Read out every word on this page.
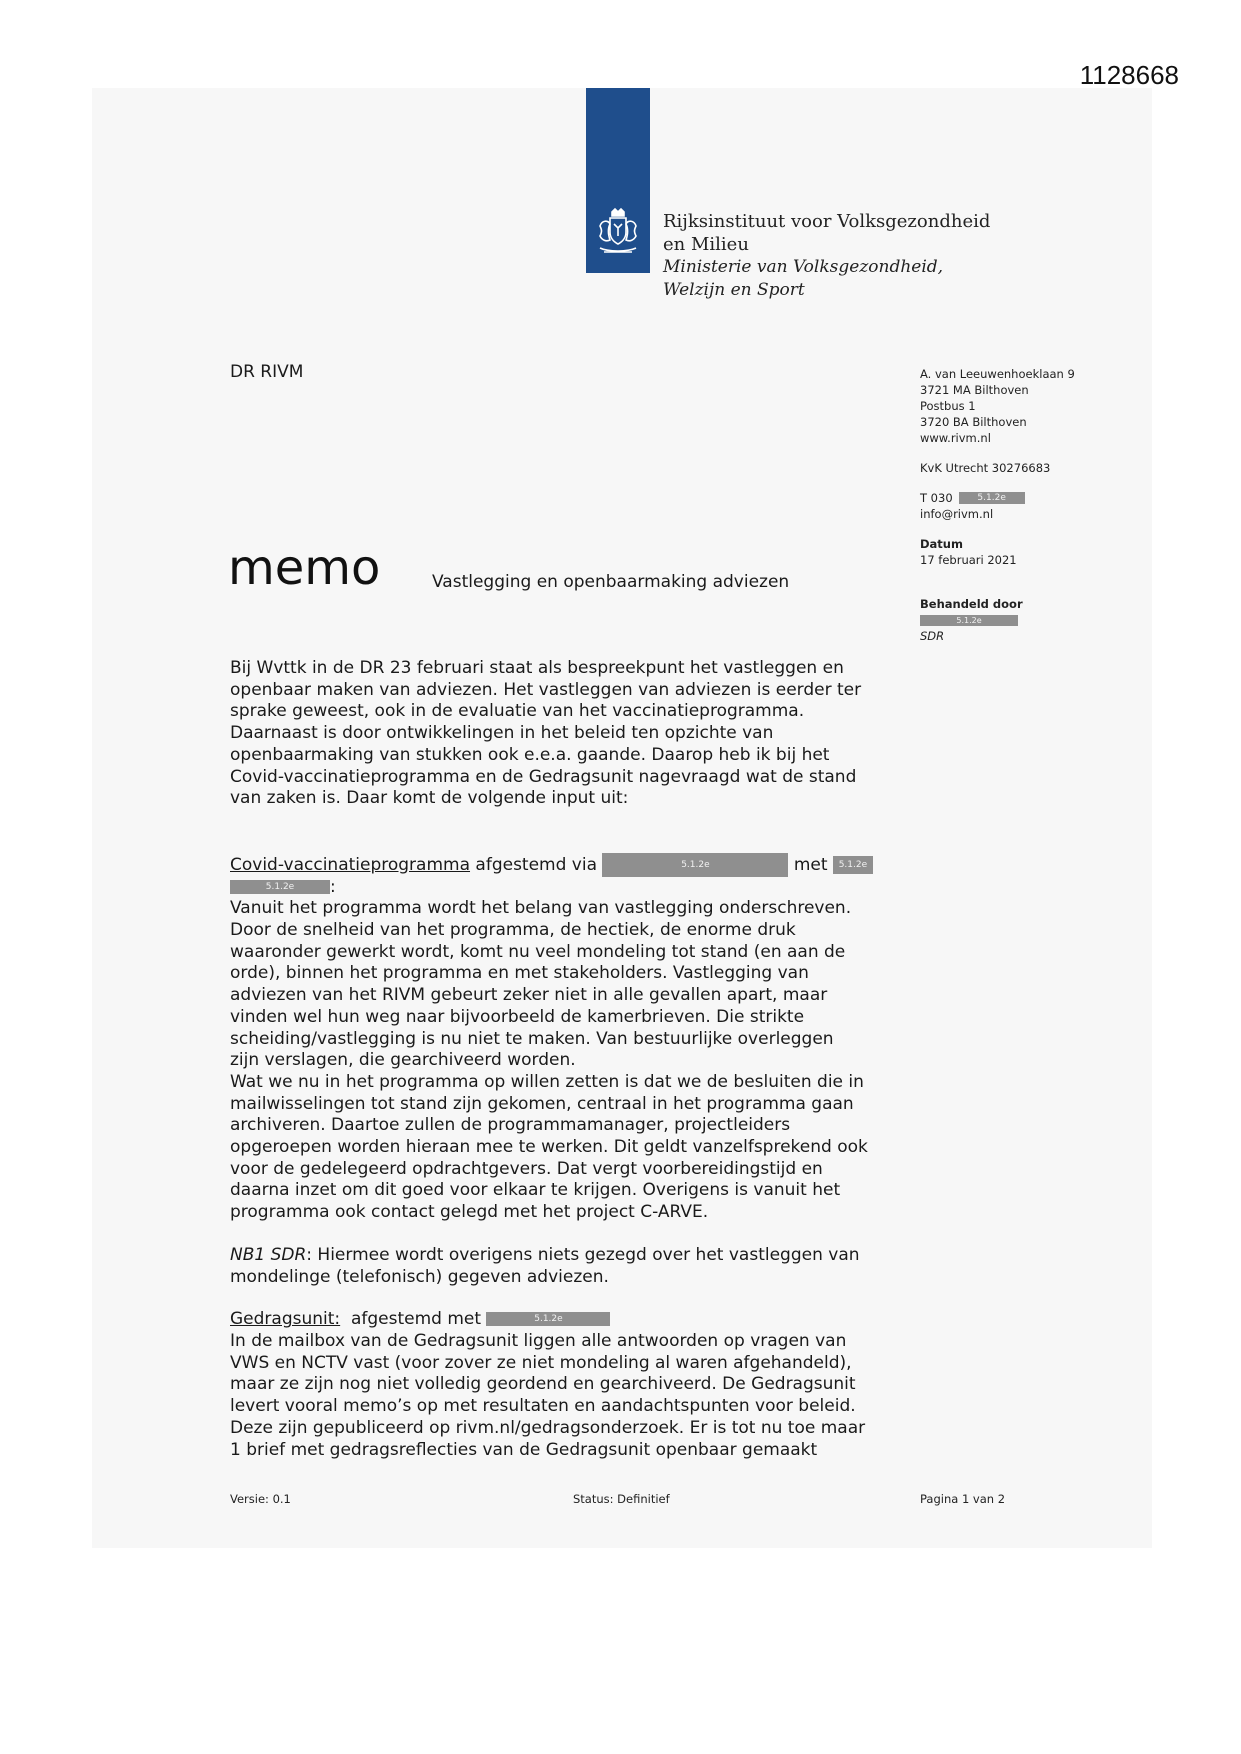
1128668
Rijksinstituut voor Volksgezondheid
en Milieu
Ministerie van Volksgezondheid,
Welzijn en Sport
DR RIVM	A. van Leeuwenhoeklaan 9
3721 MA Bilthoven
Postbus 1
3720 BA Bilthoven
www.rivm.nl
KvK Utrecht 30276683
T 030	5.1.2e
info@rivm.nl
Datum
17 februari 2021
Behandeld door
5.1.2e
SDR
memo	Vastlegging en openbaarmaking adviezen

Bij Wvttk in de DR 23 februari staat als bespreekpunt het vastleggen en

openbaar maken van adviezen. Het vastleggen van adviezen is eerder ter

sprake geweest, ook in de evaluatie van het vaccinatieprogramma.

Daarnaast is door ontwikkelingen in het beleid ten opzichte van

openbaarmaking van stukken ook e.e.a. gaande. Daarop heb ik bij het

Covid-vaccinatieprogramma en de Gedragsunit nagevraagd wat de stand

van zaken is. Daar komt de volgende input uit:

Covid-vaccinatieprogramma afgestemd via	5.1.2e	met 5.1.2e

5.1.2e :

Vanuit het programma wordt het belang van vastlegging onderschreven.

Door de snelheid van het programma, de hectiek, de enorme druk

waaronder gewerkt wordt, komt nu veel mondeling tot stand (en aan de

orde), binnen het programma en met stakeholders. Vastlegging van

adviezen van het RIVM gebeurt zeker niet in alle gevallen apart, maar

vinden wel hun weg naar bijvoorbeeld de kamerbrieven. Die strikte

scheiding/vastlegging is nu niet te maken. Van bestuurlijke overleggen

zijn verslagen, die gearchiveerd worden.

Wat we nu in het programma op willen zetten is dat we de besluiten die in

mailwisselingen tot stand zijn gekomen, centraal in het programma gaan

archiveren. Daartoe zullen de programmamanager, projectleiders

opgeroepen worden hieraan mee te werken. Dit geldt vanzelfsprekend ook

voor de gedelegeerd opdrachtgevers. Dat vergt voorbereidingstijd en

daarna inzet om dit goed voor elkaar te krijgen. Overigens is vanuit het

programma ook contact gelegd met het project C-ARVE.

NB1 SDR: Hiermee wordt overigens niets gezegd over het vastleggen van

mondelinge (telefonisch) gegeven adviezen.

Gedragsunit:  afgestemd met	5.1.2e

In de mailbox van de Gedragsunit liggen alle antwoorden op vragen van

VWS en NCTV vast (voor zover ze niet mondeling al waren afgehandeld),

maar ze zijn nog niet volledig geordend en gearchiveerd. De Gedragsunit

levert vooral memo’s op met resultaten en aandachtspunten voor beleid.

Deze zijn gepubliceerd op rivm.nl/gedragsonderzoek. Er is tot nu toe maar

1 brief met gedragsreflecties van de Gedragsunit openbaar gemaakt

Versie: 0.1	Status: Definitief	Pagina 1 van 2
